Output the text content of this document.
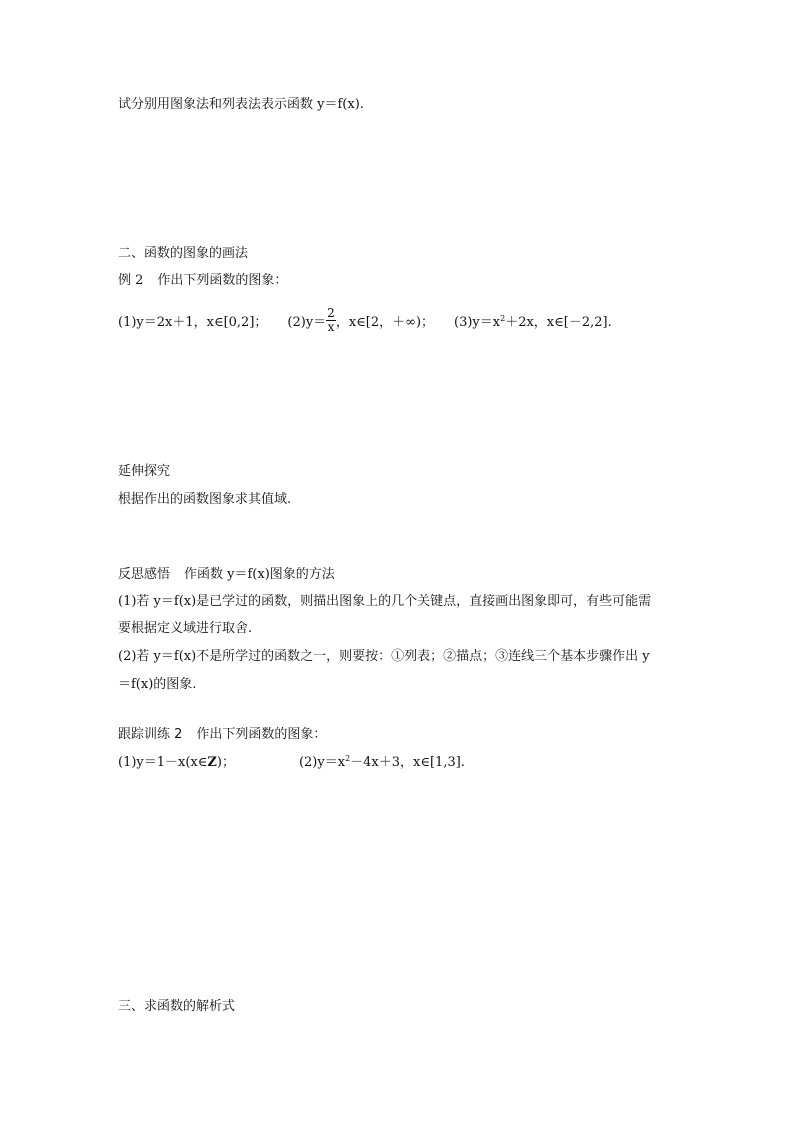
试分别用图象法和列表法表示函数 y＝f(x).
二、函数的图象的画法
例 2 作出下列函数的图象：
(1)y＝2x＋1，x∈[0,2]； $(2)y= \frac{2}{x}$ ，x∈[2，＋∞)； $(3)y=x^2+2x$，x∈[－2,2].
延伸探究
根据作出的函数图象求其值域.
反思感悟 作函数 y＝f(x)图象的方法
(1)若 y＝f(x)是已学过的函数，则描出图象上的几个关键点，直接画出图象即可，有些可能需
要根据定义域进行取舍.
(2)若 y＝f(x)不是所学过的函数之一，则要按：①列表；②描点；③连线三个基本步骤作出 y
＝f(x)的图象.
跟踪训练 2 作出下列函数的图象：
(1)y＝1－x(x∈Z)；	$(2)y=x^2-4x+3$，x∈[1,3].
三、求函数的解析式
